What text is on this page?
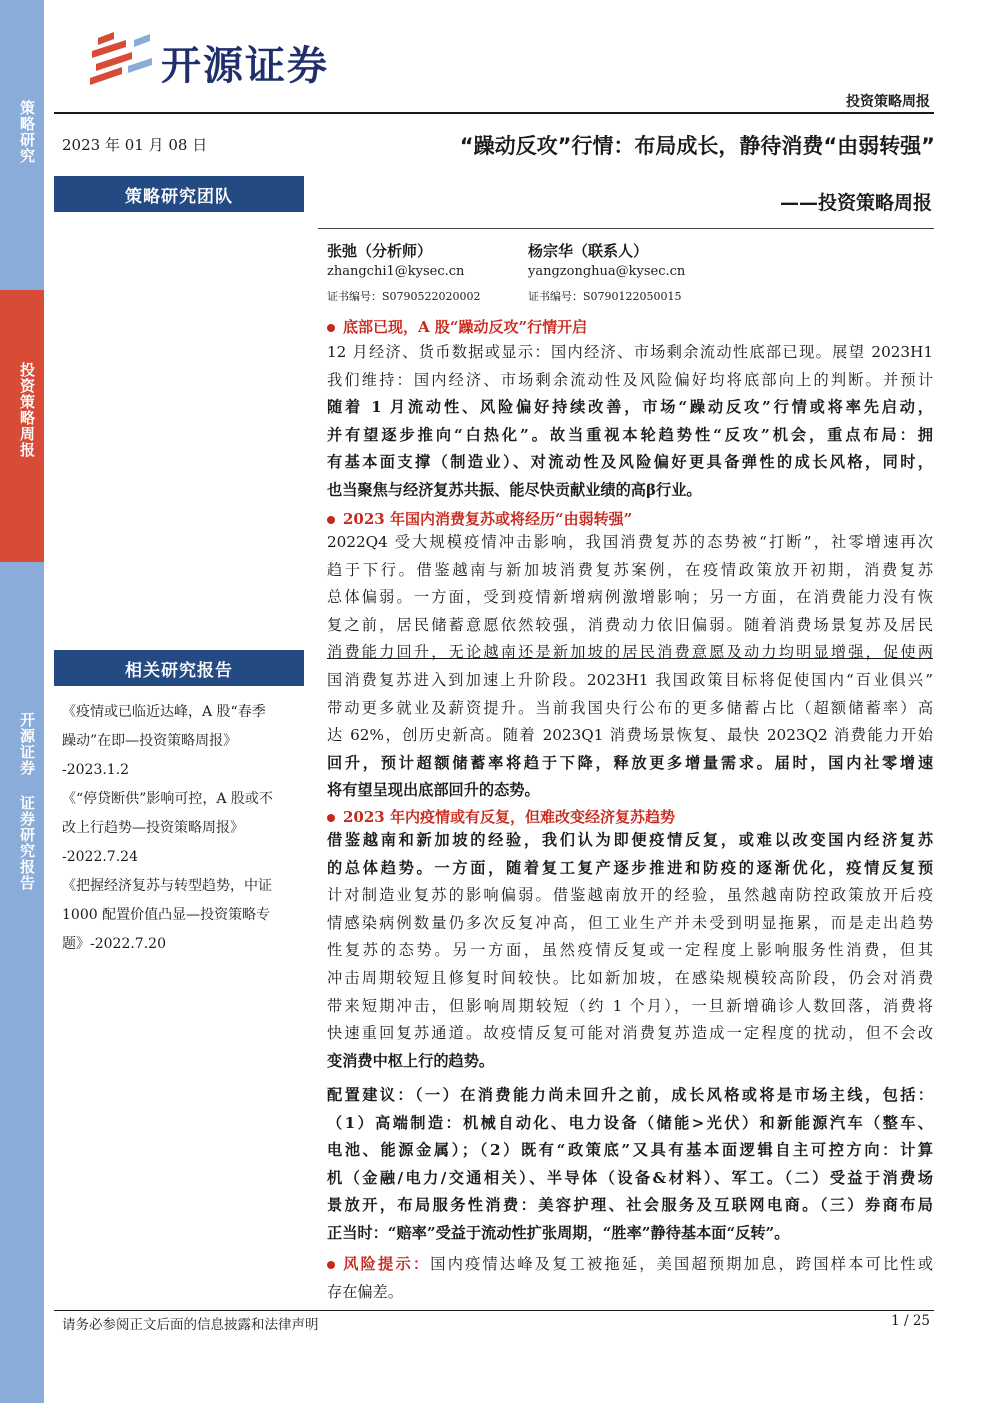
策略研究
投资策略周报
开源证券 证券研究报告
开源证券
投资策略周报
2023 年 01 月 08 日	“躁动反攻”行情：布局成长，静待消费“由弱转强”
——投资策略周报
策略研究团队
张弛（分析师）
zhangchi1@kysec.cn
证书编号：S0790522020002
杨宗华（联系人）
yangzonghua@kysec.cn
证书编号：S0790122050015
相关研究报告
《疫情或已临近达峰，A 股“春季
躁动”在即—投资策略周报》
-2023.1.2
《“停贷断供”影响可控，A 股或不
改上行趋势—投资策略周报》
-2022.7.24
《把握经济复苏与转型趋势，中证
1000 配置价值凸显—投资策略专
题》-2022.7.20
底部已现，A 股“躁动反攻”行情开启
12 月经济、货币数据或显示：国内经济、市场剩余流动性底部已现。展望 2023H1
我们维持：国内经济、市场剩余流动性及风险偏好均将底部向上的判断。并预计
随着 1 月流动性、风险偏好持续改善，市场“躁动反攻”行情或将率先启动，
并有望逐步推向“白热化”。故当重视本轮趋势性“反攻”机会，重点布局：拥
有基本面支撑（制造业）、对流动性及风险偏好更具备弹性的成长风格，同时，
也当聚焦与经济复苏共振、能尽快贡献业绩的高β行业。
2023 年国内消费复苏或将经历“由弱转强”
2022Q4 受大规模疫情冲击影响，我国消费复苏的态势被“打断”，社零增速再次
趋于下行。借鉴越南与新加坡消费复苏案例，在疫情政策放开初期，消费复苏
总体偏弱。一方面，受到疫情新增病例激增影响；另一方面，在消费能力没有恢
复之前，居民储蓄意愿依然较强，消费动力依旧偏弱。随着消费场景复苏及居民
消费能力回升，无论越南还是新加坡的居民消费意愿及动力均明显增强，促使两
国消费复苏进入到加速上升阶段。2023H1 我国政策目标将促使国内“百业俱兴”
带动更多就业及薪资提升。当前我国央行公布的更多储蓄占比（超额储蓄率）高
达 62%，创历史新高。随着 2023Q1 消费场景恢复、最快 2023Q2 消费能力开始
回升，预计超额储蓄率将趋于下降，释放更多增量需求。届时，国内社零增速
将有望呈现出底部回升的态势。
2023 年内疫情或有反复，但难改变经济复苏趋势
借鉴越南和新加坡的经验，我们认为即便疫情反复，或难以改变国内经济复苏
的总体趋势。一方面，随着复工复产逐步推进和防疫的逐渐优化，疫情反复预
计对制造业复苏的影响偏弱。借鉴越南放开的经验，虽然越南防控政策放开后疫
情感染病例数量仍多次反复冲高，但工业生产并未受到明显拖累，而是走出趋势
性复苏的态势。另一方面，虽然疫情反复或一定程度上影响服务性消费，但其
冲击周期较短且修复时间较快。比如新加坡，在感染规模较高阶段，仍会对消费
带来短期冲击，但影响周期较短（约 1 个月），一旦新增确诊人数回落，消费将
快速重回复苏通道。故疫情反复可能对消费复苏造成一定程度的扰动，但不会改
变消费中枢上行的趋势。
配置建议：（一）在消费能力尚未回升之前，成长风格或将是市场主线，包括：
（1）高端制造：机械自动化、电力设备（储能>光伏）和新能源汽车（整车、
电池、能源金属）；（2）既有“政策底”又具有基本面逻辑自主可控方向：计算
机（金融/电力/交通相关）、半导体（设备&材料）、军工。（二）受益于消费场
景放开，布局服务性消费：美容护理、社会服务及互联网电商。（三）券商布局
正当时：“赔率”受益于流动性扩张周期，“胜率”静待基本面“反转”。
风险提示：国内疫情达峰及复工被拖延，美国超预期加息，跨国样本可比性或
存在偏差。
请务必参阅正文后面的信息披露和法律声明	1 / 25
